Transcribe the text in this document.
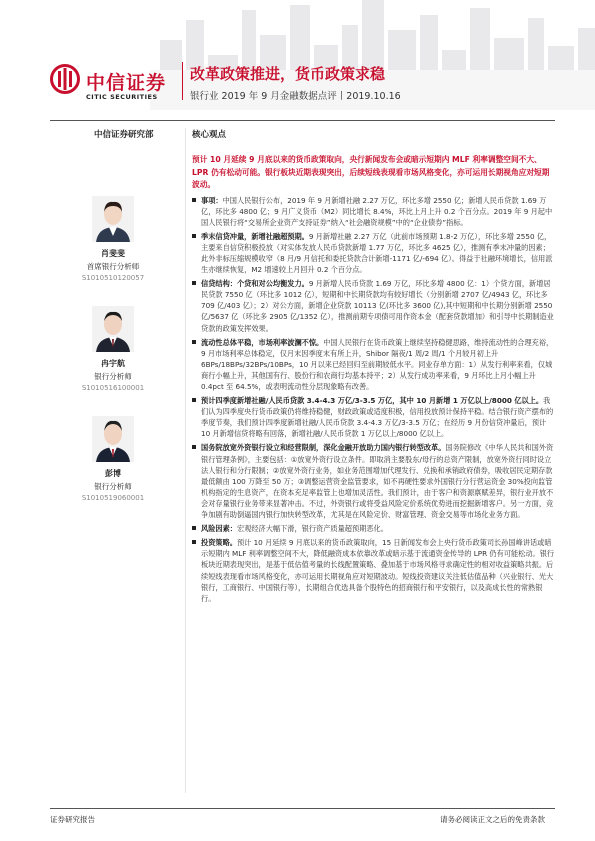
中信证券
CITIC SECURITIES
改革政策推进，货币政策求稳
银行业 2019 年 9 月金融数据点评丨2019.10.16
中信证券研究部
肖斐斐
首席银行分析师
S1010510120057
冉宇航
银行分析师
S1010516100001
彭博
银行分析师
S1010519060001
核心观点
预计 10 月延续 9 月底以来的货币政策取向，央行新闻发布会或暗示短期内 MLF 利率调整空间不大、LPR 仍有松动可能。银行板块近期表现突出，后续短线表现看市场风格变化，亦可运用长期视角应对短期波动。
事项：中国人民银行公布，2019 年 9 月新增社融 2.27 万亿，环比多增 2550 亿；新增人民币贷款 1.69 万亿，环比多 4800 亿；9 月广义货币（M2）同比增长 8.4%，环比上月上升 0.2 个百分点。2019 年 9 月起中国人民银行将“交易所企业资产支持证券”纳入“社会融资规模”中的“企业债券”指标。
季末信贷冲量，新增社融超预期。9 月新增社融 2.27 万亿（此前市场预期 1.8-2 万亿），环比多增 2550 亿，主要来自信贷积极投放（对实体发放人民币贷款新增 1.77 万亿，环比多 4625 亿），推测有季末冲量的因素；此外非标压缩规模收窄（8 月/9 月信托和委托贷款合计新增-1171 亿/-694 亿）。得益于社融环境增长，信用派生亦继续恢复，M2 增速较上月回升 0.2 个百分点。
信贷结构：个贷和对公均衡发力。9 月新增人民币贷款 1.69 万亿，环比多增 4800 亿：1）个贷方面，新增居民贷款 7550 亿（环比多 1012 亿），短期和中长期贷款均有较好增长（分别新增 2707 亿/4943 亿，环比多 709 亿/403 亿）；2）对公方面，新增企业贷款 10113 亿(环比多 3600 亿),其中短期和中长期分别新增 2550 亿/5637 亿（环比多 2905 亿/1352 亿），推测前期专项债可用作资本金（配套贷款增加）和引导中长期制造业贷款的政策发挥效果。
流动性总体平稳，市场利率波澜不惊。中国人民银行在货币政策上继续坚持稳健思路，维持流动性的合理充裕，9 月市场利率总体稳定，仅月末因季度末有所上升，Shibor 隔夜/1 周/2 周/1 个月较月初上升 6BPs/18BPs/32BPs/10BPs，10 月以来已经回归至前期较低水平。同业存单方面：1）从发行利率来看，仅城商行小幅上升，其他国有行、股份行和农商行均基本持平；2）从发行成功率来看，9 月环比上月小幅上升 0.4pct 至 64.5%，或表明流动性分层现象略有改善。
预计四季度新增社融/人民币贷款 3.4-4.3 万亿/3-3.5 万亿，其中 10 月新增 1 万亿以上/8000 亿以上。我们认为四季度央行货币政策仍将维持稳健，财政政策或适度积极，信用投放预计保持平稳。结合银行资产摆布的季度节奏，我们预计四季度新增社融/人民币贷款 3.4-4.3 万亿/3-3.5 万亿；在经历 9 月份信贷冲量后，预计 10 月新增信贷将略有回落，新增社融/人民币贷款 1 万亿以上/8000 亿以上。
国务院放宽外资银行设立和经营限制，深化金融开放助力国内银行转型改革。国务院修改《中华人民共和国外资银行管理条例》，主要包括：①放宽外资行设立条件。即取消主要股东/母行的总资产限制，放宽外资行同时设立法人银行和分行限制；②放宽外资行业务，如业务范围增加代理发行、兑换和承销政府债券，吸收居民定期存款最低额由 100 万降至 50 万；③调整运营资金监管要求，如不再硬性要求外国银行分行营运资金 30%投向监管机构指定的生息资产，在资本充足率监管上也增加灵活性。我们预计，由于客户和资源禀赋差异，银行业开放不会对存量银行业务带来显著冲击。不过，外资银行或将受益风险定价系统优势进而挖掘新增客户。另一方面，竞争加剧有助倒逼国内银行加快转型改革，尤其是在风险定价、财富管理、资金交易等市场化业务方面。
风险因素：宏观经济大幅下滑，银行资产质量超预期恶化。
投资策略。预计 10 月延续 9 月底以来的货币政策取向，15 日新闻发布会上央行货币政策司长孙国峰讲话或暗示短期内 MLF 利率调整空间不大，降低融资成本依靠改革或暗示基于流通资金传导的 LPR 仍有可能松动。银行板块近期表现突出，是基于低估值考量的长线配置策略、叠加基于市场风格寻求确定性的相对收益策略共振。后续短线表现看市场风格变化，亦可运用长期视角应对短期波动。短线投资建议关注低估值品种（兴业银行、光大银行，工商银行、中国银行等），长期组合优选具备个股特色的招商银行和平安银行，以及高成长性的常熟银行。
证券研究报告	请务必阅读正文之后的免责条款
